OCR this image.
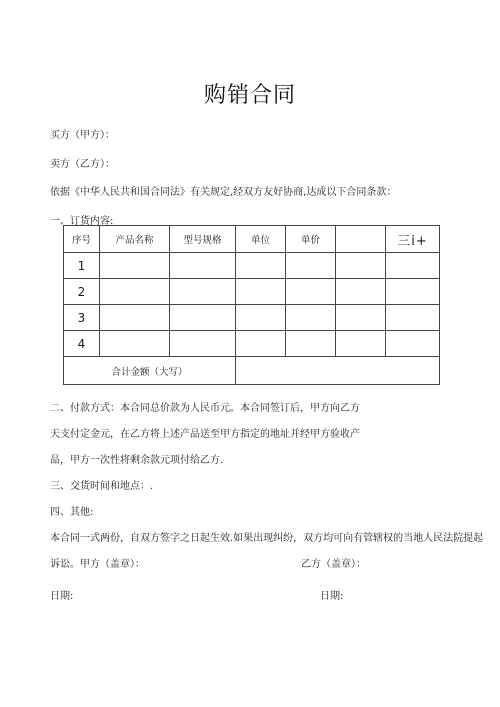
购销合同
买方（甲方）：
卖方（乙方）：
依据《中华人民共和国合同法》有关规定,经双方友好协商,达成以下合同条款：
一、订货内容:
序号	产品名称	型号规格	单位	单价		三i+
1						
2						
3						
4						
合计金额（大写）						
二、付款方式：本合同总价款为人民币元。本合同签订后，甲方向乙方
天支付定金元，在乙方将上述产品送至甲方指定的地址并经甲方验收产
品，甲方一次性将剩余款元项付给乙方.
三、交货时间和地点：.
四、其他:
本合同一式两份，自双方签字之日起生效.如果出现纠纷，双方均可向有管辖权的当地人民法院提起
诉讼。甲方（盖章）：	乙方（盖章）：
日期:	日期:
